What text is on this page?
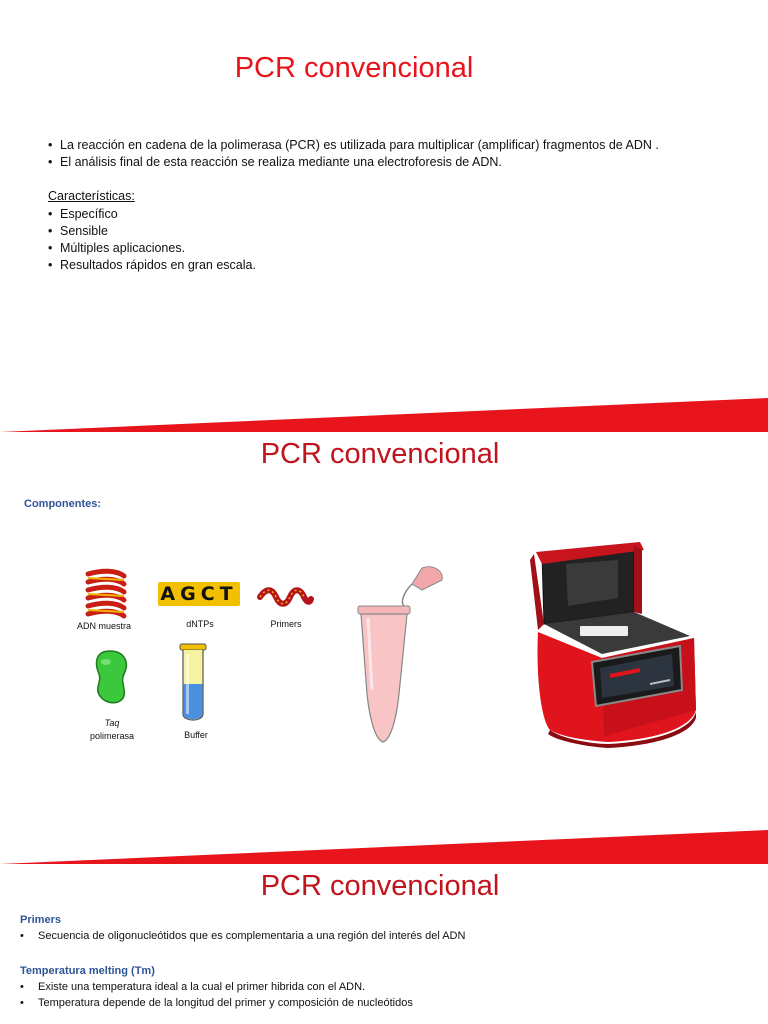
PCR convencional
• La reacción en cadena de la polimerasa (PCR) es utilizada para multiplicar (amplificar) fragmentos de ADN .
• El análisis final de esta reacción se realiza mediante una electroforesis de ADN.
Características:
• Específico
• Sensible
• Múltiples aplicaciones.
• Resultados rápidos en gran escala.
PCR convencional
Componentes:
ADN muestra
AGCT
dNTPs	Primers
Taq
polimerasa	Buffer
PCR convencional
Primers
• Secuencia de oligonucleótidos que es complementaria a una región del interés del ADN
Temperatura melting (Tm)
• Existe una temperatura ideal a la cual el primer hibrida con el ADN.
• Temperatura depende de la longitud del primer y composición de nucleótidos
